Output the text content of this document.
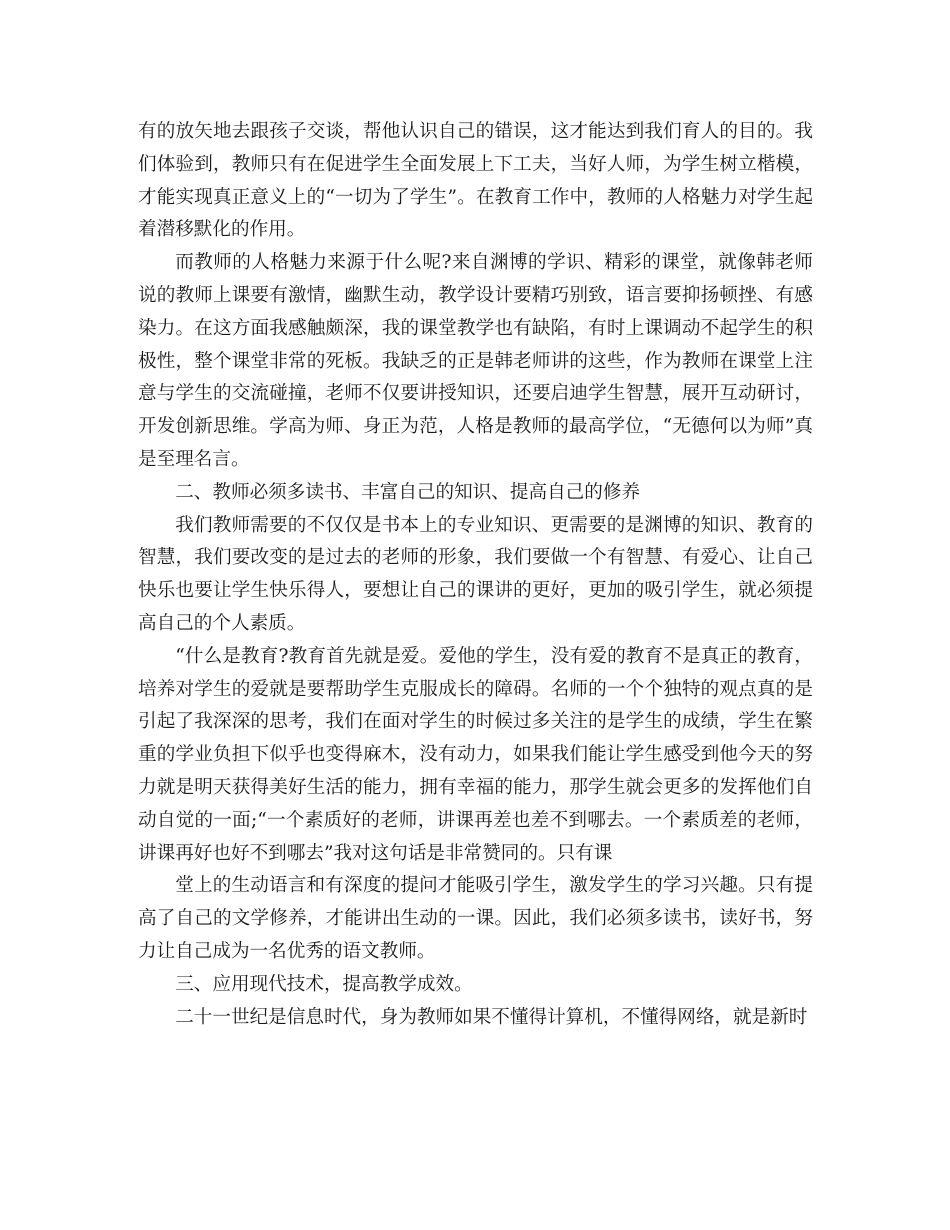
有的放矢地去跟孩子交谈，帮他认识自己的错误，这才能达到我们育人的目的。我们体验到，教师只有在促进学生全面发展上下工夫，当好人师，为学生树立楷模，才能实现真正意义上的“一切为了学生”。在教育工作中，教师的人格魅力对学生起着潜移默化的作用。

而教师的人格魅力来源于什么呢?来自渊博的学识、精彩的课堂，就像韩老师说的教师上课要有激情，幽默生动，教学设计要精巧别致，语言要抑扬顿挫、有感染力。在这方面我感触颇深，我的课堂教学也有缺陷，有时上课调动不起学生的积极性，整个课堂非常的死板。我缺乏的正是韩老师讲的这些，作为教师在课堂上注意与学生的交流碰撞，老师不仅要讲授知识，还要启迪学生智慧，展开互动研讨，开发创新思维。学高为师、身正为范，人格是教师的最高学位，“无德何以为师”真是至理名言。

二、教师必须多读书、丰富自己的知识、提高自己的修养

我们教师需要的不仅仅是书本上的专业知识、更需要的是渊博的知识、教育的智慧，我们要改变的是过去的老师的形象，我们要做一个有智慧、有爱心、让自己快乐也要让学生快乐得人，要想让自己的课讲的更好，更加的吸引学生，就必须提高自己的个人素质。

“什么是教育?教育首先就是爱。爱他的学生，没有爱的教育不是真正的教育，培养对学生的爱就是要帮助学生克服成长的障碍。名师的一个个独特的观点真的是引起了我深深的思考，我们在面对学生的时候过多关注的是学生的成绩，学生在繁重的学业负担下似乎也变得麻木，没有动力，如果我们能让学生感受到他今天的努力就是明天获得美好生活的能力，拥有幸福的能力，那学生就会更多的发挥他们自动自觉的一面;“一个素质好的老师，讲课再差也差不到哪去。一个素质差的老师，讲课再好也好不到哪去”我对这句话是非常赞同的。只有课

堂上的生动语言和有深度的提问才能吸引学生，激发学生的学习兴趣。只有提高了自己的文学修养，才能讲出生动的一课。因此，我们必须多读书，读好书，努力让自己成为一名优秀的语文教师。

三、应用现代技术，提高教学成效。

二十一世纪是信息时代，身为教师如果不懂得计算机，不懂得网络，就是新时
